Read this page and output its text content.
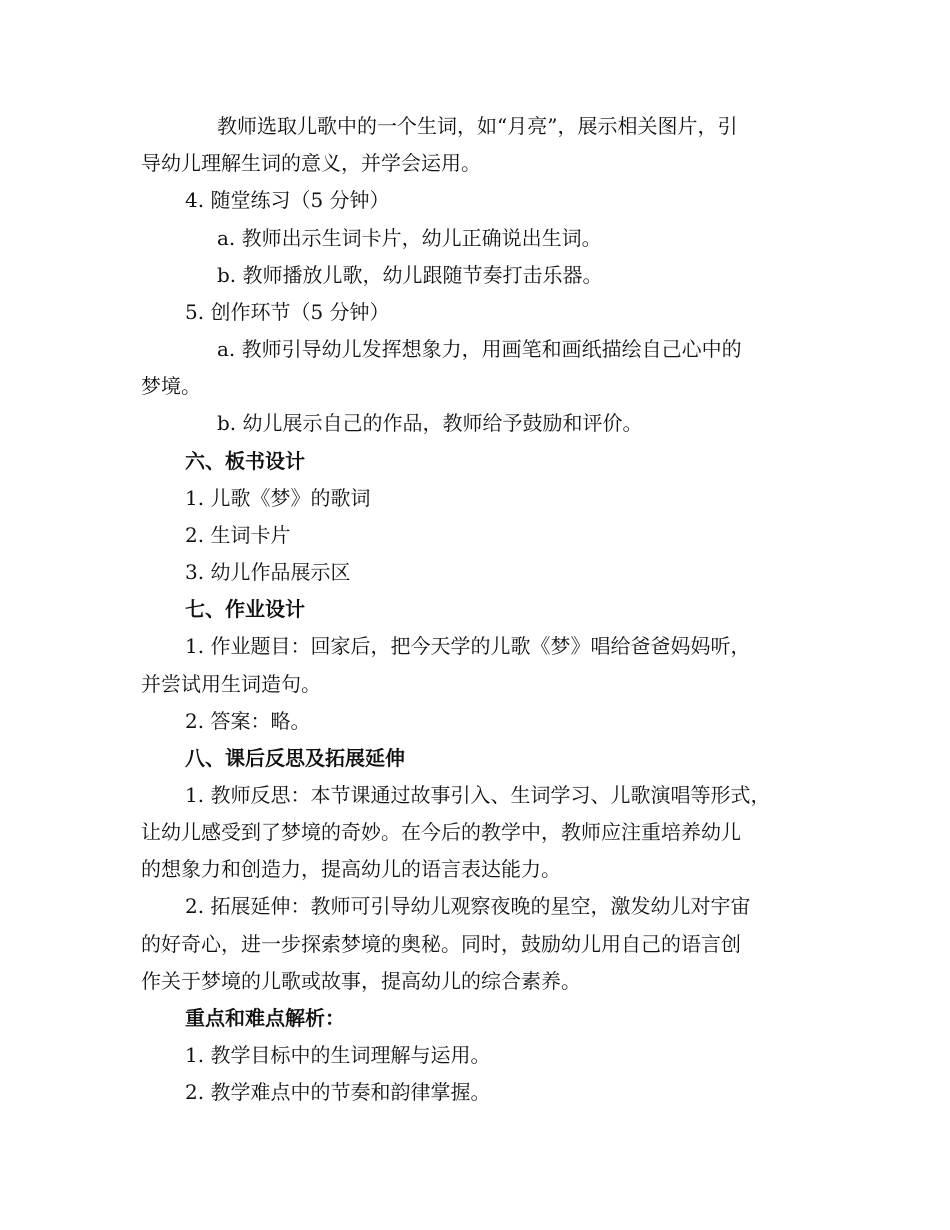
教师选取儿歌中的一个生词，如“月亮”，展示相关图片，引

导幼儿理解生词的意义，并学会运用。

4. 随堂练习（5 分钟）

a. 教师出示生词卡片，幼儿正确说出生词。

b. 教师播放儿歌，幼儿跟随节奏打击乐器。

5. 创作环节（5 分钟）

a. 教师引导幼儿发挥想象力，用画笔和画纸描绘自己心中的

梦境。

b. 幼儿展示自己的作品，教师给予鼓励和评价。

六、板书设计

1. 儿歌《梦》的歌词

2. 生词卡片

3. 幼儿作品展示区

七、作业设计

1. 作业题目：回家后，把今天学的儿歌《梦》唱给爸爸妈妈听，

并尝试用生词造句。

2. 答案：略。

八、课后反思及拓展延伸

1. 教师反思：本节课通过故事引入、生词学习、儿歌演唱等形式，

让幼儿感受到了梦境的奇妙。在今后的教学中，教师应注重培养幼儿

的想象力和创造力，提高幼儿的语言表达能力。

2. 拓展延伸：教师可引导幼儿观察夜晚的星空，激发幼儿对宇宙

的好奇心，进一步探索梦境的奥秘。同时，鼓励幼儿用自己的语言创

作关于梦境的儿歌或故事，提高幼儿的综合素养。

重点和难点解析：

1. 教学目标中的生词理解与运用。

2. 教学难点中的节奏和韵律掌握。
